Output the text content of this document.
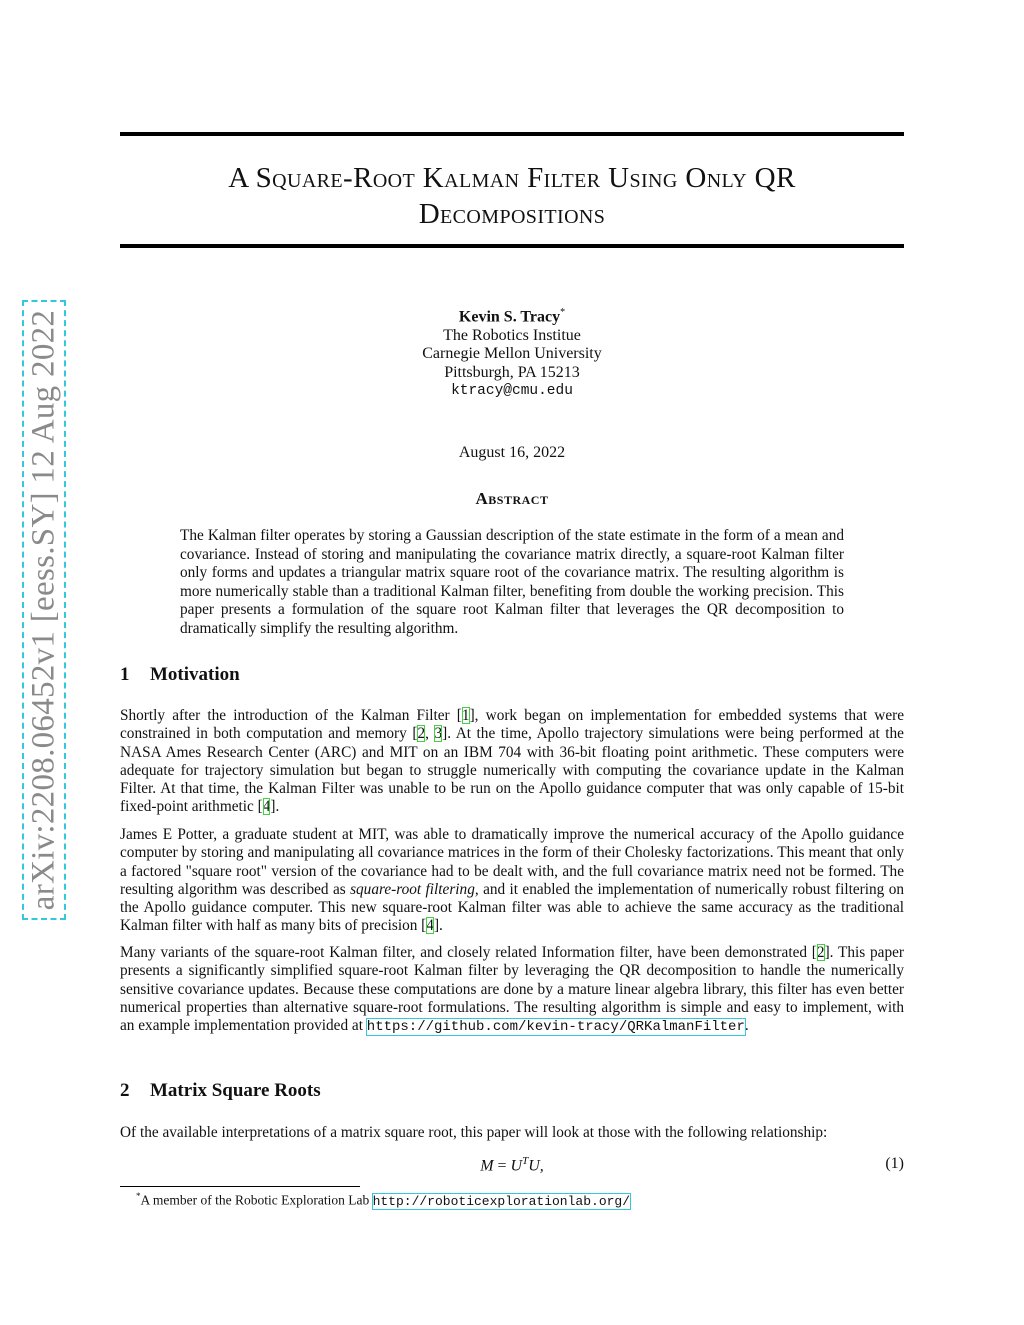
arXiv:2208.06452v1 [eess.SY] 12 Aug 2022
A Square-Root Kalman Filter Using Only QR
Decompositions
Kevin S. Tracy*
The Robotics Institue
Carnegie Mellon University
Pittsburgh, PA 15213
ktracy@cmu.edu
August 16, 2022
Abstract
The Kalman filter operates by storing a Gaussian description of the state estimate in the form of a mean and covariance. Instead of storing and manipulating the covariance matrix directly, a square-root Kalman filter only forms and updates a triangular matrix square root of the covariance matrix. The resulting algorithm is more numerically stable than a traditional Kalman filter, benefiting from double the working precision. This paper presents a formulation of the square root Kalman filter that leverages the QR decomposition to dramatically simplify the resulting algorithm.
1 Motivation
Shortly after the introduction of the Kalman Filter [1], work began on implementation for embedded systems that were constrained in both computation and memory [2, 3]. At the time, Apollo trajectory simulations were being performed at the NASA Ames Research Center (ARC) and MIT on an IBM 704 with 36-bit floating point arithmetic. These computers were adequate for trajectory simulation but began to struggle numerically with computing the covariance update in the Kalman Filter. At that time, the Kalman Filter was unable to be run on the Apollo guidance computer that was only capable of 15-bit fixed-point arithmetic [4].
James E Potter, a graduate student at MIT, was able to dramatically improve the numerical accuracy of the Apollo guidance computer by storing and manipulating all covariance matrices in the form of their Cholesky factorizations. This meant that only a factored "square root" version of the covariance had to be dealt with, and the full covariance matrix need not be formed. The resulting algorithm was described as square-root filtering, and it enabled the implementation of numerically robust filtering on the Apollo guidance computer. This new square-root Kalman filter was able to achieve the same accuracy as the traditional Kalman filter with half as many bits of precision [4].
Many variants of the square-root Kalman filter, and closely related Information filter, have been demonstrated [2]. This paper presents a significantly simplified square-root Kalman filter by leveraging the QR decomposition to handle the numerically sensitive covariance updates. Because these computations are done by a mature linear algebra library, this filter has even better numerical properties than alternative square-root formulations. The resulting algorithm is simple and easy to implement, with an example implementation provided at https://github.com/kevin-tracy/QRKalmanFilter.
2 Matrix Square Roots
Of the available interpretations of a matrix square root, this paper will look at those with the following relationship:
$M = U^TU$,	(1)
*A member of the Robotic Exploration Lab http://roboticexplorationlab.org/
